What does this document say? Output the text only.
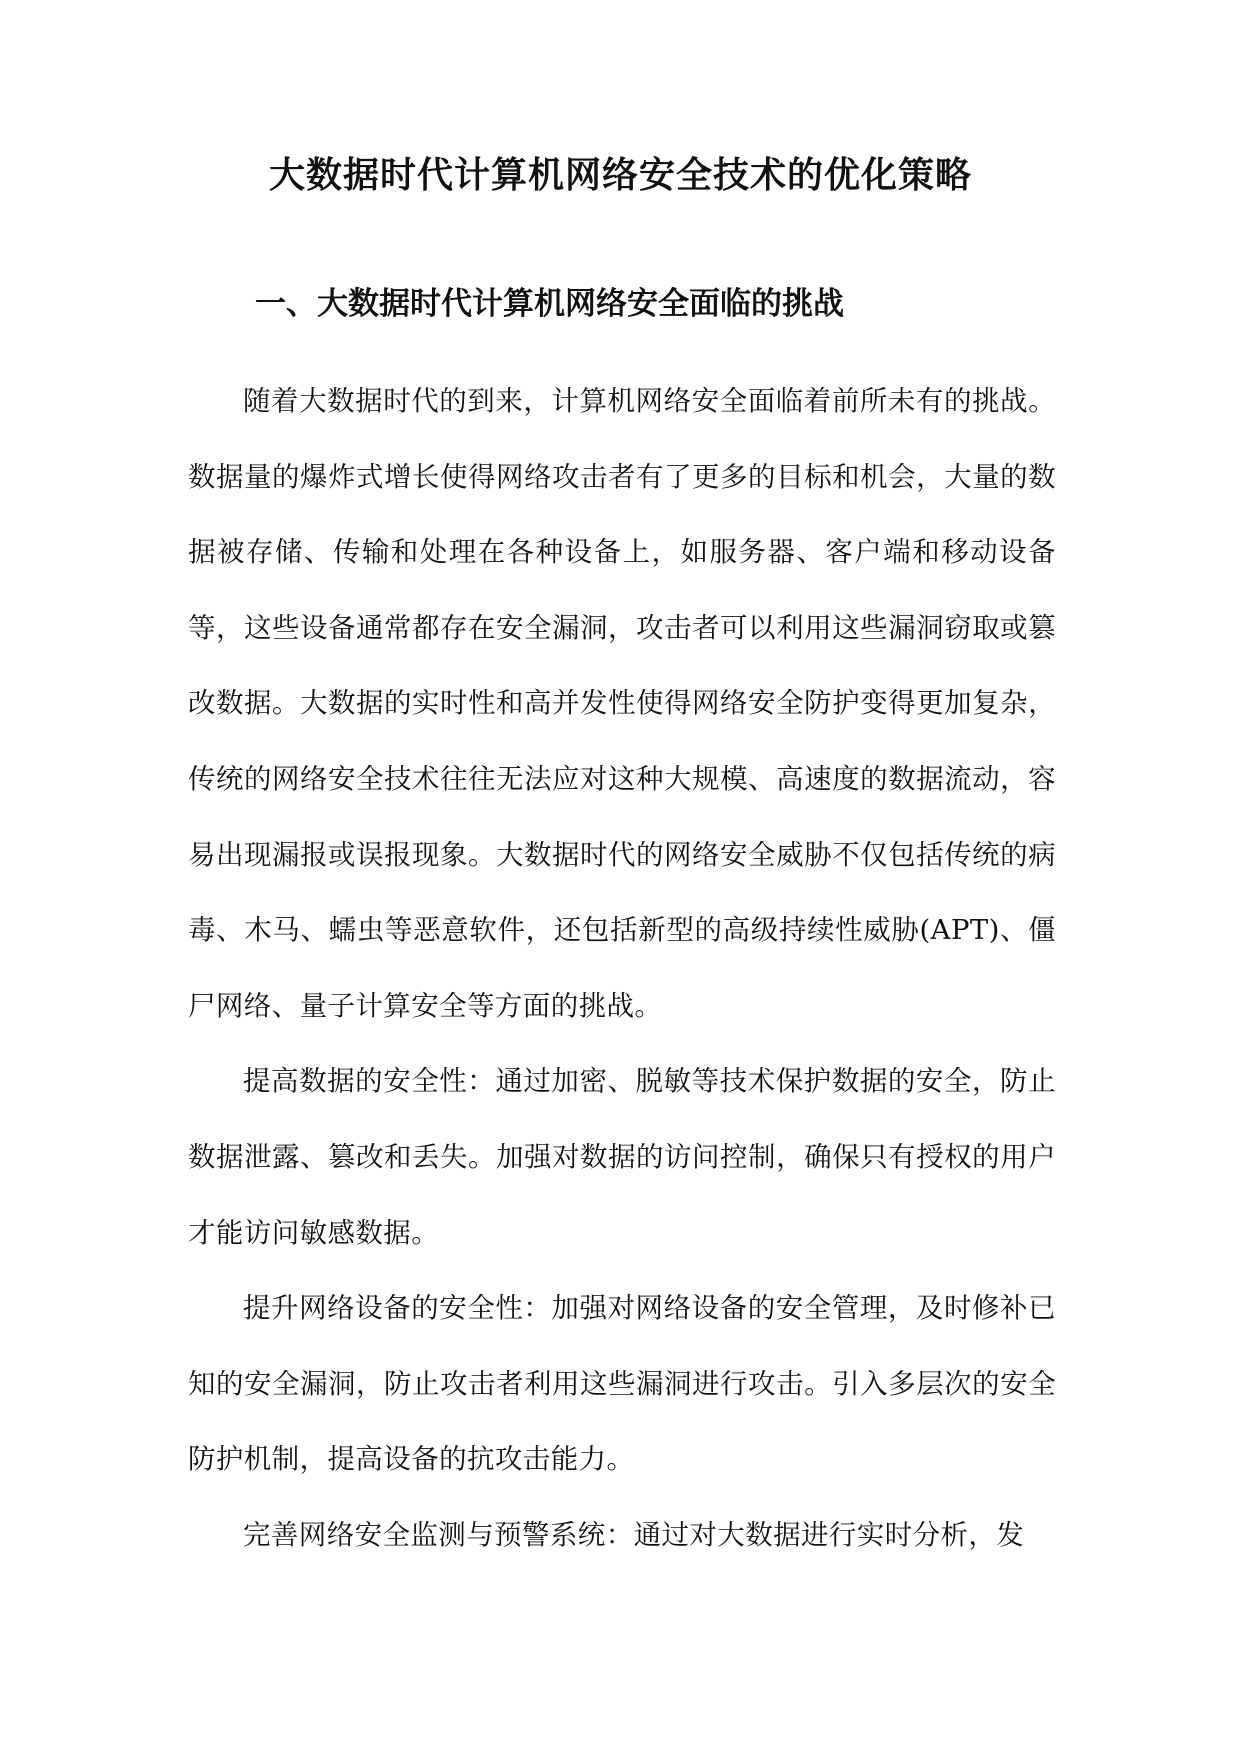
大数据时代计算机网络安全技术的优化策略
一、大数据时代计算机网络安全面临的挑战

随着大数据时代的到来，计算机网络安全面临着前所未有的挑战。数据量的爆炸式增长使得网络攻击者有了更多的目标和机会，大量的数据被存储、传输和处理在各种设备上，如服务器、客户端和移动设备等，这些设备通常都存在安全漏洞，攻击者可以利用这些漏洞窃取或篡改数据。大数据的实时性和高并发性使得网络安全防护变得更加复杂，传统的网络安全技术往往无法应对这种大规模、高速度的数据流动，容易出现漏报或误报现象。大数据时代的网络安全威胁不仅包括传统的病毒、木马、蠕虫等恶意软件，还包括新型的高级持续性威胁(APT)、僵尸网络、量子计算安全等方面的挑战。

提高数据的安全性：通过加密、脱敏等技术保护数据的安全，防止数据泄露、篡改和丢失。加强对数据的访问控制，确保只有授权的用户才能访问敏感数据。

提升网络设备的安全性：加强对网络设备的安全管理，及时修补已知的安全漏洞，防止攻击者利用这些漏洞进行攻击。引入多层次的安全防护机制，提高设备的抗攻击能力。

完善网络安全监测与预警系统：通过对大数据进行实时分析，发
